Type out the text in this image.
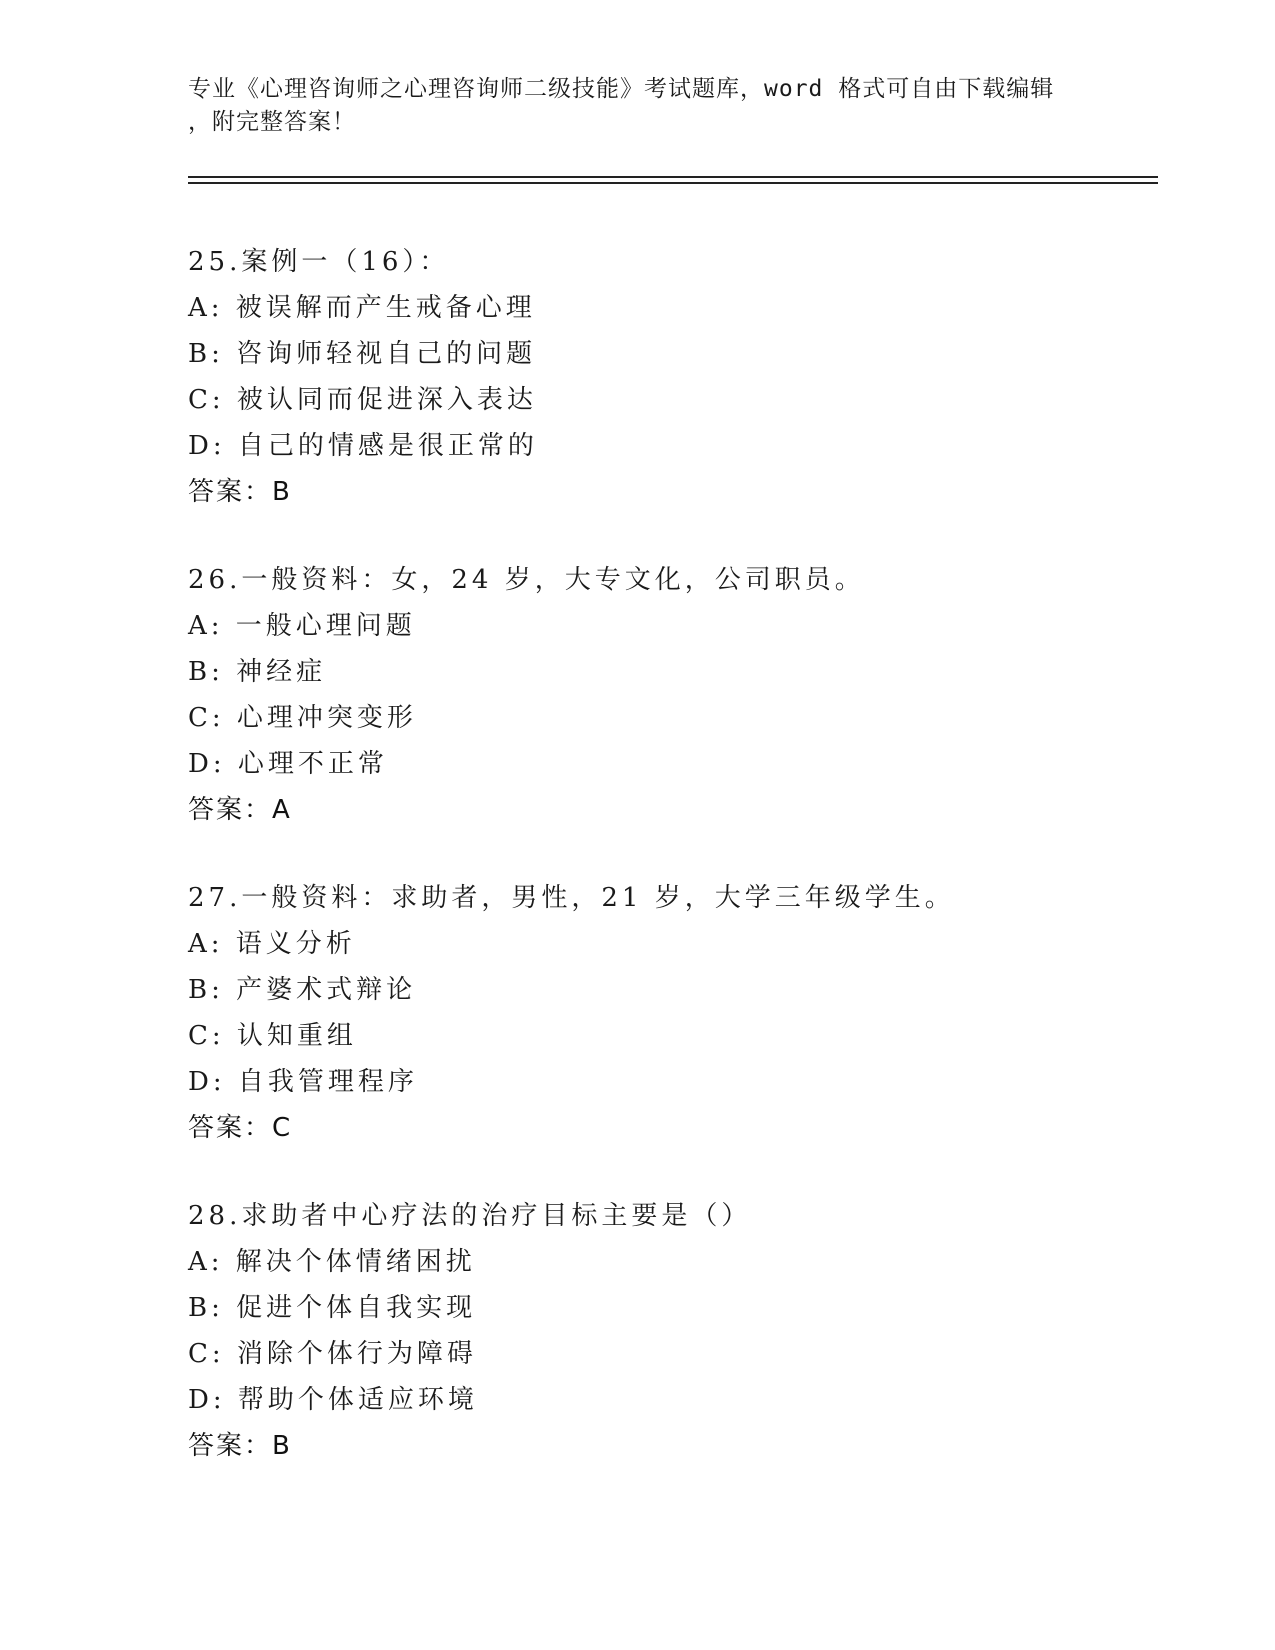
专业《心理咨询师之心理咨询师二级技能》考试题库，word 格式可自由下载编辑
，附完整答案！
25.案例一（16）：
A: 被误解而产生戒备心理
B: 咨询师轻视自己的问题
C: 被认同而促进深入表达
D: 自己的情感是很正常的
答案：B
26.一般资料：女，24 岁，大专文化，公司职员。
A: 一般心理问题
B: 神经症
C: 心理冲突变形
D: 心理不正常
答案：A
27.一般资料：求助者，男性，21 岁，大学三年级学生。
A: 语义分析
B: 产婆术式辩论
C: 认知重组
D: 自我管理程序
答案：C
28.求助者中心疗法的治疗目标主要是（）
A: 解决个体情绪困扰
B: 促进个体自我实现
C: 消除个体行为障碍
D: 帮助个体适应环境
答案：B
